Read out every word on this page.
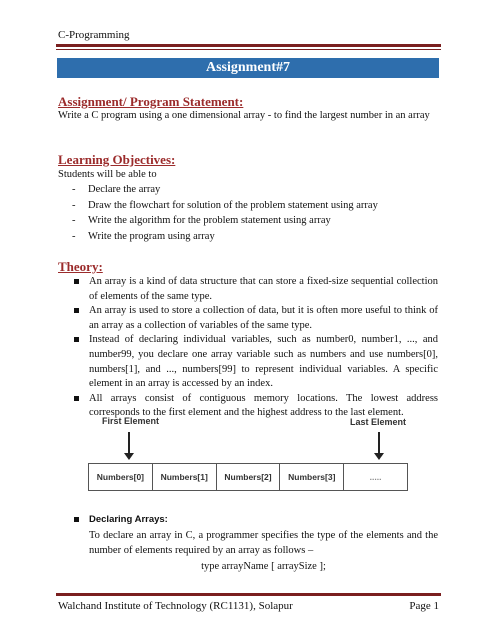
C-Programming
Assignment#7
Assignment/ Program Statement:
Write a C program using a one dimensional array - to find the largest number in an array
Learning Objectives:
Students will be able to
- Declare the array
- Draw the flowchart for solution of the problem statement using array
- Write the algorithm for the problem statement using array
- Write the program using array
Theory:
An array is a kind of data structure that can store a fixed-size sequential collection of elements of the same type.
An array is used to store a collection of data, but it is often more useful to think of an array as a collection of variables of the same type.
Instead of declaring individual variables, such as number0, number1, ..., and number99, you declare one array variable such as numbers and use numbers[0], numbers[1], and ..., numbers[99] to represent individual variables. A specific element in an array is accessed by an index.
All arrays consist of contiguous memory locations. The lowest address corresponds to the first element and the highest address to the last element.
First Element	Last Element
Numbers[0]	Numbers[1]	Numbers[2]	Numbers[3]	.....
Declaring Arrays:
To declare an array in C, a programmer specifies the type of the elements and the number of elements required by an array as follows –
type arrayName [ arraySize ];
Walchand Institute of Technology (RC1131), Solapur	Page 1
